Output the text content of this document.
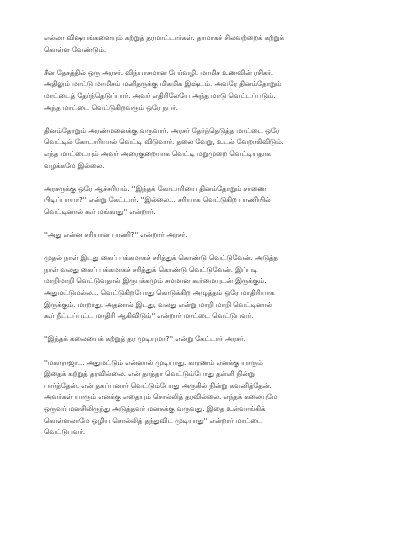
எல்லா விஷயங்களையும் கற்றுத் தரமாட்டார்கள். தாமாகச் சிலவற்றைக் கற்றுக்
கொள்ள வேண்டும்.
சீன தேசத்தில் ஒரு அரசர். விந்யாசமான பேர்வழி. மாமிச உணவின் ரசிகர்.
அதிலும் மாட்டு மாமிசம் மனிதருக்கு மிகமிக இஷ்டம். அவரே தினம்தோறும்
மாட்டைத் தேர்ந்தெடுப்பார். அவர் எதிரிலேயே அந்த மாடு வெட்டப்படும்.
அந்த மாட்டை வெட்டுகிறவரும் ஒரே நபர்.
தினம்தோறும் அரண்மனைக்கு வருவார். அரசர் தேர்ந்தெடுத்த மாட்டை ஒரே
வெட்டில் கோடாரியால் வெட்டி விடுவார். தலை வேறு, உடல் வேறாகிவிடும்.
எந்த மாட்டையும் அவர் அரைகுறையாக வெட்டி மறுமுறை வெட்டியதாக
வழக்கமே இல்லை.
அரசருக்கு ஒரே ஆச்சரியம். ''இந்தக் கோடாரியை தினம்தோறும் சாணை
பிடிப்பாயா?'' என்று கேட்டார். ''இல்லை... சரியாக வெட்டுகிற பாணியில்
வெட்டினால் கூர் மங்காது'' என்றார்.
''அது என்ன சரியான பாணி?'' என்றார் அரசர்.
முதல் நாள் இடது கைப் பக்கமாகச் சரித்துக் கொண்டு வெட்டுவேன். அடுத்த
நாள் வலது கைப் பக்கமாகச் சரித்துக் கொண்டு வெட்டுவேன். இப்படி
மாறிமாறி வெட்டுவதால் இருபக்கமும் சமமான கூர்மையுடன் இருக்கும்.
அதுமட்டுமல்ல... வெட்டுகிறபோது கொடுக்கிற அழுத்தம் ஒரே மாதிரியாக
இருக்கும். மாறாது. அதனால் இடது, வலது என்று மாறி மாறி வெட்டினால்
கூர் நீட்டப்பட்ட மாதிரி ஆகிவிடும்'' என்றார் மாட்டை வெட்டுபவர்.
''இந்தக் கலையைக் கற்றுத் தர முடியுமா?'' என்று கேட்டார் அரசர்.
''மகாராஜா... அதுமட்டும் என்னால் முடியாது. காரணம் எனக்கு யாரும்
இதைக் கற்றுத் தரவில்லை. என் தாத்தா வெட்டும்போது தள்ளி நின்று
பார்த்தேன். என் தகப்பனார் வெட்டும்போது அருகில் நின்று கவனித்தேன்.
அவர்கள் யாரும் எனக்கு எதையும் சொல்லித் தரவில்லை. எந்தக் கலையுமே
ஒருவர் மனசிலிருந்து அடுத்தவர் மனசுக்கு வருவது. இதை உள்வாங்கிக்
கொள்ளலாமே ஒழிய சொல்லித் தந்துவிட முடியாது'' என்றார் மாட்டை
வெட்டுபவர்.
